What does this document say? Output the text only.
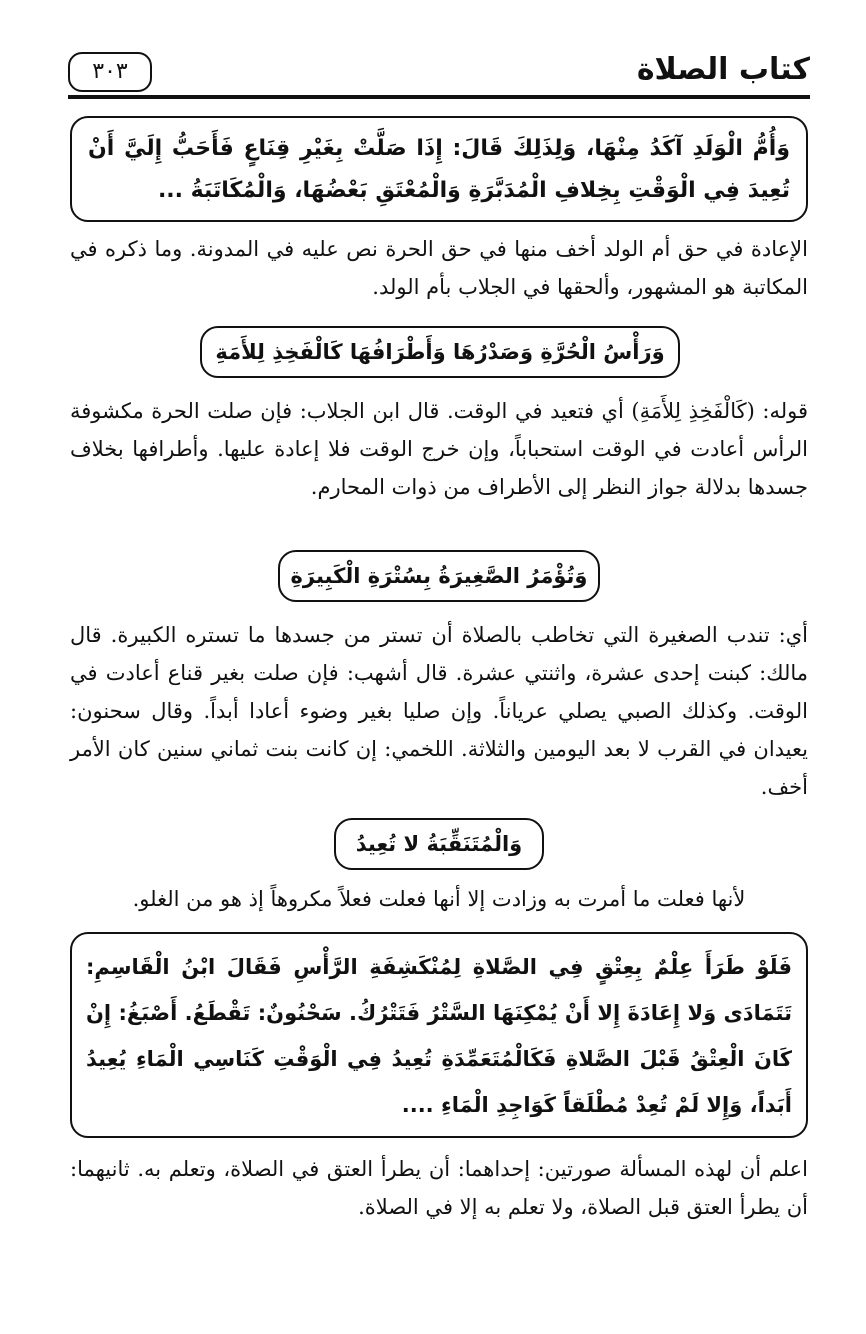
٣٠٣	كتاب الصلاة

وَأُمُّ الْوَلَدِ آكَدُ مِنْهَا، وَلِذَلِكَ قَالَ: إِذَا صَلَّتْ بِغَيْرِ قِنَاعٍ فَأَحَبُّ إِلَيَّ أَنْ تُعِيدَ فِي الْوَقْتِ بِخِلافِ الْمُدَبَّرَةِ وَالْمُعْتَقِ بَعْضُهَا، وَالْمُكَاتَبَةُ ...

الإعادة في حق أم الولد أخف منها في حق الحرة نص عليه في المدونة. وما ذكره في المكاتبة هو المشهور، وألحقها في الجلاب بأم الولد.

وَرَأْسُ الْحُرَّةِ وَصَدْرُهَا وَأَطْرَافُهَا كَالْفَخِذِ لِلأَمَةِ

قوله: (كَالْفَخِذِ لِلأَمَةِ) أي فتعيد في الوقت. قال ابن الجلاب: فإن صلت الحرة مكشوفة الرأس أعادت في الوقت استحباباً، وإن خرج الوقت فلا إعادة عليها. وأطرافها بخلاف جسدها بدلالة جواز النظر إلى الأطراف من ذوات المحارم.

وَتُؤْمَرُ الصَّغِيرَةُ بِسُتْرَةِ الْكَبِيرَةِ

أي: تندب الصغيرة التي تخاطب بالصلاة أن تستر من جسدها ما تستره الكبيرة. قال مالك: كبنت إحدى عشرة، واثنتي عشرة. قال أشهب: فإن صلت بغير قناع أعادت في الوقت. وكذلك الصبي يصلي عرياناً. وإن صليا بغير وضوء أعادا أبداً. وقال سحنون: يعيدان في القرب لا بعد اليومين والثلاثة. اللخمي: إن كانت بنت ثماني سنين كان الأمر أخف.

وَالْمُتَنَقِّبَةُ لا تُعِيدُ

لأنها فعلت ما أمرت به وزادت إلا أنها فعلت فعلاً مكروهاً إذ هو من الغلو.

فَلَوْ طَرَأَ عِلْمٌ بِعِتْقٍ فِي الصَّلاةِ لِمُنْكَشِفَةِ الرَّأْسِ فَقَالَ ابْنُ الْقَاسِمِ: تَتَمَادَى وَلا إِعَادَةَ إِلا أَنْ يُمْكِنَهَا السَّتْرُ فَتَتْرُكُ. سَحْنُونٌ: تَقْطَعُ. أَصْبَغُ: إِنْ كَانَ الْعِتْقُ قَبْلَ الصَّلاةِ فَكَالْمُتَعَمِّدَةِ تُعِيدُ فِي الْوَقْتِ كَنَاسِي الْمَاءِ يُعِيدُ أَبَداً، وَإِلا لَمْ تُعِدْ مُطْلَقاً كَوَاجِدِ الْمَاءِ ....

اعلم أن لهذه المسألة صورتين: إحداهما: أن يطرأ العتق في الصلاة، وتعلم به. ثانيهما: أن يطرأ العتق قبل الصلاة، ولا تعلم به إلا في الصلاة.
